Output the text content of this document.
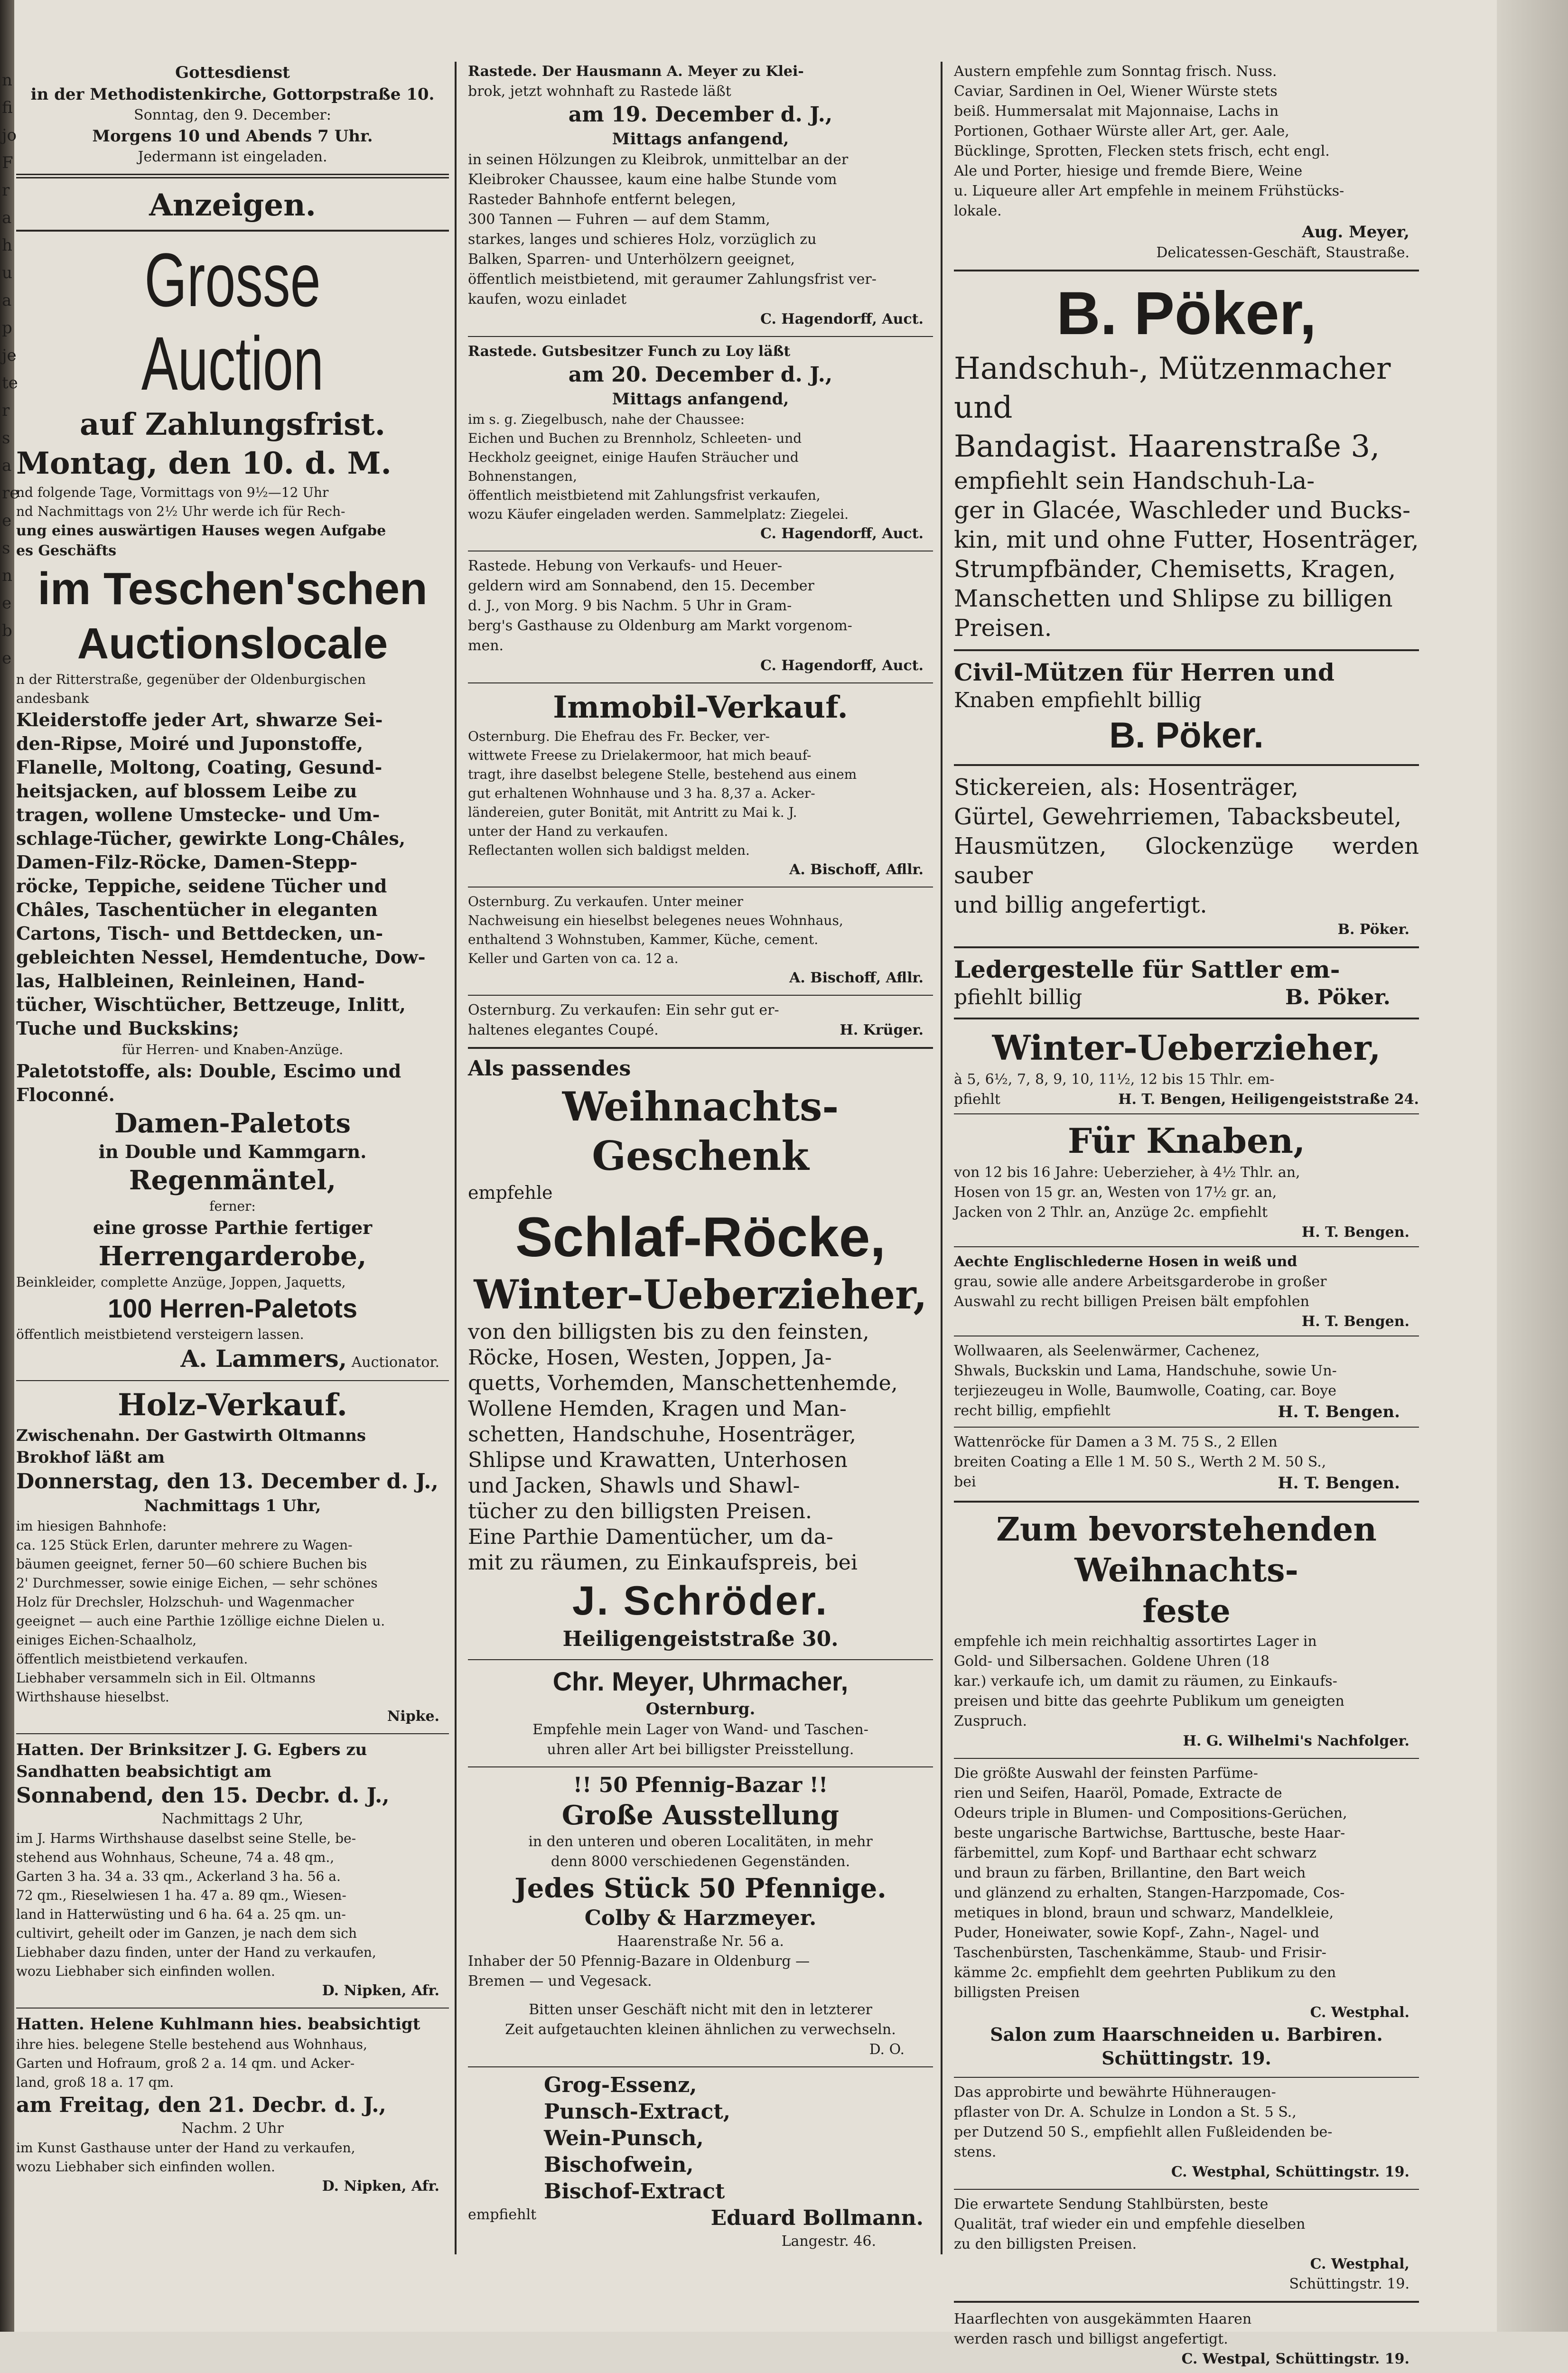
n
fi
jo
F
r
a
h
u
a
p
je
te
r
s
a
re
e
s
n
e
b
e

Gottesdienst

in der Methodistenkirche, Gottorpstraße 10.

Sonntag, den 9. December:

Morgens 10 und Abends 7 Uhr.

Jedermann ist eingeladen.

Anzeigen.

Grosse Auction

auf Zahlungsfrist.

Montag, den 10. d. M.

nd folgende Tage, Vormittags von 9½—12 Uhr

nd Nachmittags von 2½ Uhr werde ich für Rech-

ung eines auswärtigen Hauses wegen Aufgabe

es Geschäfts

im Teschen'schen

Auctionslocale

n der Ritterstraße, gegenüber der Oldenburgischen

andesbank

Kleiderstoffe jeder Art, shwarze Sei-
den-Ripse, Moiré und Juponstoffe,
Flanelle, Moltong, Coating, Gesund-
heitsjacken, auf blossem Leibe zu
tragen, wollene Umstecke- und Um-
schlage-Tücher, gewirkte Long-Châles,
Damen-Filz-Röcke, Damen-Stepp-
röcke, Teppiche, seidene Tücher und
Châles, Taschentücher in eleganten
Cartons, Tisch- und Bettdecken, un-
gebleichten Nessel, Hemdentuche, Dow-
las, Halbleinen, Reinleinen, Hand-
tücher, Wischtücher, Bettzeuge, Inlitt,
Tuche und Buckskins;

für Herren- und Knaben-Anzüge.

Paletotstoffe, als: Double, Escimo und

Floconné.

Damen-Paletots

in Double und Kammgarn.

Regenmäntel,

ferner:

eine grosse Parthie fertiger

Herrengarderobe,

Beinkleider, complette Anzüge, Joppen, Jaquetts,

100 Herren-Paletots

öffentlich meistbietend versteigern lassen.

A. Lammers, Auctionator.

Holz-Verkauf.

Zwischenahn. Der Gastwirth Oltmanns

Brokhof läßt am

Donnerstag, den 13. December d. J.,

Nachmittags 1 Uhr,

im hiesigen Bahnhofe:
ca. 125 Stück Erlen, darunter mehrere zu Wagen-
bäumen geeignet, ferner 50—60 schiere Buchen bis
2' Durchmesser, sowie einige Eichen, — sehr schönes
Holz für Drechsler, Holzschuh- und Wagenmacher
geeignet — auch eine Parthie 1zöllige eichne Dielen u.
einiges Eichen-Schaalholz,
öffentlich meistbietend verkaufen.
Liebhaber versammeln sich in Eil. Oltmanns
Wirthshause hieselbst.

Nipke.

Hatten. Der Brinksitzer J. G. Egbers zu

Sandhatten beabsichtigt am

Sonnabend, den 15. Decbr. d. J.,

Nachmittags 2 Uhr,

im J. Harms Wirthshause daselbst seine Stelle, be-
stehend aus Wohnhaus, Scheune, 74 a. 48 qm.,
Garten 3 ha. 34 a. 33 qm., Ackerland 3 ha. 56 a.
72 qm., Rieselwiesen 1 ha. 47 a. 89 qm., Wiesen-
land in Hatterwüsting und 6 ha. 64 a. 25 qm. un-
cultivirt, geheilt oder im Ganzen, je nach dem sich
Liebhaber dazu finden, unter der Hand zu verkaufen,
wozu Liebhaber sich einfinden wollen.

D. Nipken, Afr.

Hatten. Helene Kuhlmann hies. beabsichtigt

ihre hies. belegene Stelle bestehend aus Wohnhaus,
Garten und Hofraum, groß 2 a. 14 qm. und Acker-
land, groß 18 a. 17 qm.

am Freitag, den 21. Decbr. d. J.,

Nachm. 2 Uhr

im Kunst Gasthause unter der Hand zu verkaufen,
wozu Liebhaber sich einfinden wollen.

D. Nipken, Afr.

Rastede. Der Hausmann A. Meyer zu Klei-

brok, jetzt wohnhaft zu Rastede läßt

am 19. December d. J.,

Mittags anfangend,

in seinen Hölzungen zu Kleibrok, unmittelbar an der
Kleibroker Chaussee, kaum eine halbe Stunde vom
Rasteder Bahnhofe entfernt belegen,
300 Tannen — Fuhren — auf dem Stamm,
starkes, langes und schieres Holz, vorzüglich zu
Balken, Sparren- und Unterhölzern geeignet,
öffentlich meistbietend, mit geraumer Zahlungsfrist ver-
kaufen, wozu einladet

C. Hagendorff, Auct.

Rastede. Gutsbesitzer Funch zu Loy läßt

am 20. December d. J.,

Mittags anfangend,

im s. g. Ziegelbusch, nahe der Chaussee:
Eichen und Buchen zu Brennholz, Schleeten- und
Heckholz geeignet, einige Haufen Sträucher und
Bohnenstangen,
öffentlich meistbietend mit Zahlungsfrist verkaufen,
wozu Käufer eingeladen werden. Sammelplatz: Ziegelei.

C. Hagendorff, Auct.

Rastede. Hebung von Verkaufs- und Heuer-
geldern wird am Sonnabend, den 15. December
d. J., von Morg. 9 bis Nachm. 5 Uhr in Gram-
berg's Gasthause zu Oldenburg am Markt vorgenom-
men.

C. Hagendorff, Auct.

Immobil-Verkauf.

Osternburg. Die Ehefrau des Fr. Becker, ver-
wittwete Freese zu Drielakermoor, hat mich beauf-
tragt, ihre daselbst belegene Stelle, bestehend aus einem
gut erhaltenen Wohnhause und 3 ha. 8,37 a. Acker-
ländereien, guter Bonität, mit Antritt zu Mai k. J.
unter der Hand zu verkaufen.
Reflectanten wollen sich baldigst melden.

A. Bischoff, Afllr.

Osternburg. Zu verkaufen. Unter meiner
Nachweisung ein hieselbst belegenes neues Wohnhaus,
enthaltend 3 Wohnstuben, Kammer, Küche, cement.
Keller und Garten von ca. 12 a.

A. Bischoff, Afllr.

Osternburg. Zu verkaufen: Ein sehr gut er-

haltenes elegantes Coupé.	H. Krüger.

Als passendes

Weihnachts-Geschenk

empfehle

Schlaf-Röcke,

Winter-Ueberzieher,

von den billigsten bis zu den feinsten,
Röcke, Hosen, Westen, Joppen, Ja-
quetts, Vorhemden, Manschettenhemde,
Wollene Hemden, Kragen und Man-
schetten, Handschuhe, Hosenträger,
Shlipse und Krawatten, Unterhosen
und Jacken, Shawls und Shawl-
tücher zu den billigsten Preisen.
Eine Parthie Damentücher, um da-
mit zu räumen, zu Einkaufspreis, bei

J. Schröder.

Heiligengeiststraße 30.

Chr. Meyer, Uhrmacher,

Osternburg.

Empfehle mein Lager von Wand- und Taschen-

uhren aller Art bei billigster Preisstellung.

!! 50 Pfennig-Bazar !!

Große Ausstellung

in den unteren und oberen Localitäten, in mehr

denn 8000 verschiedenen Gegenständen.

Jedes Stück 50 Pfennige.

Colby & Harzmeyer.

Haarenstraße Nr. 56 a.

Inhaber der 50 Pfennig-Bazare in Oldenburg —

Bremen — und Vegesack.

Bitten unser Geschäft nicht mit den in letzterer

Zeit aufgetauchten kleinen ähnlichen zu verwechseln.

D. O.

Grog-Essenz,
Punsch-Extract,
Wein-Punsch,
Bischofwein,
Bischof-Extract

empfiehlt	Eduard Bollmann.

Langestr. 46.

Austern empfehle zum Sonntag frisch. Nuss.
Caviar, Sardinen in Oel, Wiener Würste stets
beiß. Hummersalat mit Majonnaise, Lachs in
Portionen, Gothaer Würste aller Art, ger. Aale,
Bücklinge, Sprotten, Flecken stets frisch, echt engl.
Ale und Porter, hiesige und fremde Biere, Weine
u. Liqueure aller Art empfehle in meinem Frühstücks-
lokale.

Aug. Meyer,

Delicatessen-Geschäft, Staustraße.

B. Pöker,

Handschuh-, Mützenmacher und

Bandagist. Haarenstraße 3,

empfiehlt sein Handschuh-La-
ger in Glacée, Waschleder und Bucks-
kin, mit und ohne Futter, Hosenträger,
Strumpfbänder, Chemisetts, Kragen,
Manschetten und Shlipse zu billigen
Preisen.

Civil-Mützen für Herren und

Knaben empfiehlt billig

B. Pöker.

Stickereien, als: Hosenträger,
Gürtel, Gewehrriemen, Tabacksbeutel,
Hausmützen, Glockenzüge werden sauber
und billig angefertigt.

B. Pöker.

Ledergestelle für Sattler em-

pfiehlt billig	B. Pöker.

Winter-Ueberzieher,

à 5, 6½, 7, 8, 9, 10, 11½, 12 bis 15 Thlr. em-

pfiehlt	H. T. Bengen, Heiligengeiststraße 24.

Für Knaben,

von 12 bis 16 Jahre: Ueberzieher, à 4½ Thlr. an,

Hosen von 15 gr. an, Westen von 17½ gr. an,

Jacken von 2 Thlr. an, Anzüge 2c. empfiehlt

H. T. Bengen.

Aechte Englischlederne Hosen in weiß und

grau, sowie alle andere Arbeitsgarderobe in großer

Auswahl zu recht billigen Preisen bält empfohlen

H. T. Bengen.

Wollwaaren, als Seelenwärmer, Cachenez,

Shwals, Buckskin und Lama, Handschuhe, sowie Un-

terjiezeugeu in Wolle, Baumwolle, Coating, car. Boye

recht billig, empfiehlt	H. T. Bengen.

Wattenröcke für Damen a 3 M. 75 S., 2 Ellen

breiten Coating a Elle 1 M. 50 S., Werth 2 M. 50 S.,

bei	H. T. Bengen.

Zum bevorstehenden Weihnachts-

feste

empfehle ich mein reichhaltig assortirtes Lager in
Gold- und Silbersachen. Goldene Uhren (18
kar.) verkaufe ich, um damit zu räumen, zu Einkaufs-
preisen und bitte das geehrte Publikum um geneigten
Zuspruch.

H. G. Wilhelmi's Nachfolger.

Die größte Auswahl der feinsten Parfüme-
rien und Seifen, Haaröl, Pomade, Extracte de
Odeurs triple in Blumen- und Compositions-Gerüchen,
beste ungarische Bartwichse, Barttusche, beste Haar-
färbemittel, zum Kopf- und Barthaar echt schwarz
und braun zu färben, Brillantine, den Bart weich
und glänzend zu erhalten, Stangen-Harzpomade, Cos-
metiques in blond, braun und schwarz, Mandelkleie,
Puder, Honeiwater, sowie Kopf-, Zahn-, Nagel- und
Taschenbürsten, Taschenkämme, Staub- und Frisir-
kämme 2c. empfiehlt dem geehrten Publikum zu den
billigsten Preisen

C. Westphal.

Salon zum Haarschneiden u. Barbiren.

Schüttingstr. 19.

Das approbirte und bewährte Hühneraugen-
pflaster von Dr. A. Schulze in London a St. 5 S.,
per Dutzend 50 S., empfiehlt allen Fußleidenden be-
stens.

C. Westphal, Schüttingstr. 19.

Die erwartete Sendung Stahlbürsten, beste
Qualität, traf wieder ein und empfehle dieselben
zu den billigsten Preisen.

C. Westphal,

Schüttingstr. 19.

Haarflechten von ausgekämmten Haaren

werden rasch und billigst angefertigt.

C. Westpal, Schüttingstr. 19.
